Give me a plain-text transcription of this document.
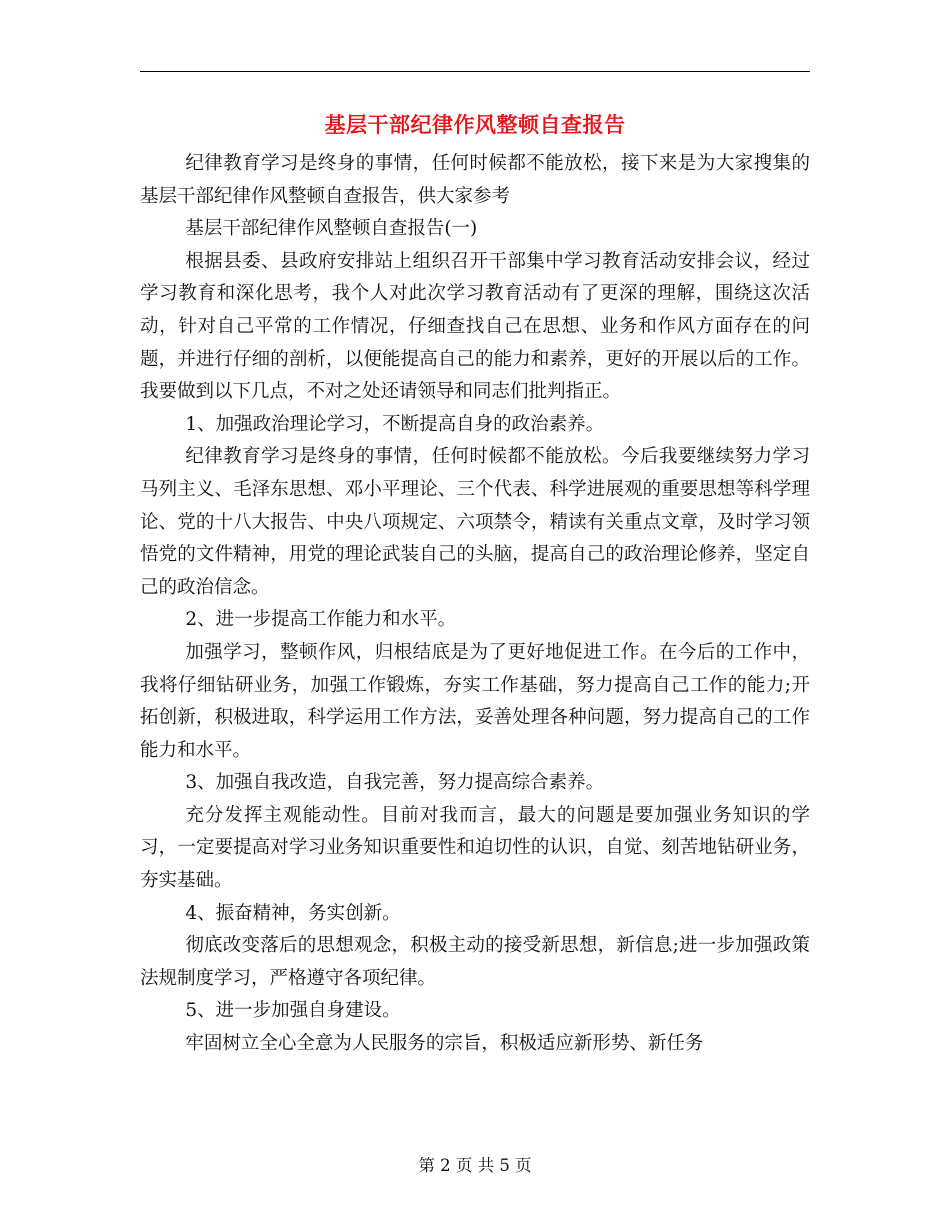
基层干部纪律作风整顿自查报告

纪律教育学习是终身的事情，任何时候都不能放松，接下来是为大家搜集的基层干部纪律作风整顿自查报告，供大家参考

基层干部纪律作风整顿自查报告(一)

根据县委、县政府安排站上组织召开干部集中学习教育活动安排会议，经过学习教育和深化思考，我个人对此次学习教育活动有了更深的理解，围绕这次活动，针对自己平常的工作情况，仔细查找自己在思想、业务和作风方面存在的问题，并进行仔细的剖析，以便能提高自己的能力和素养，更好的开展以后的工作。我要做到以下几点，不对之处还请领导和同志们批判指正。

1、加强政治理论学习，不断提高自身的政治素养。

纪律教育学习是终身的事情，任何时候都不能放松。今后我要继续努力学习马列主义、毛泽东思想、邓小平理论、三个代表、科学进展观的重要思想等科学理论、党的十八大报告、中央八项规定、六项禁令，精读有关重点文章，及时学习领悟党的文件精神，用党的理论武装自己的头脑，提高自己的政治理论修养，坚定自己的政治信念。

2、进一步提高工作能力和水平。

加强学习，整顿作风，归根结底是为了更好地促进工作。在今后的工作中，我将仔细钻研业务，加强工作锻炼，夯实工作基础，努力提高自己工作的能力;开拓创新，积极进取，科学运用工作方法，妥善处理各种问题，努力提高自己的工作能力和水平。

3、加强自我改造，自我完善，努力提高综合素养。

充分发挥主观能动性。目前对我而言，最大的问题是要加强业务知识的学习，一定要提高对学习业务知识重要性和迫切性的认识，自觉、刻苦地钻研业务，夯实基础。

4、振奋精神，务实创新。

彻底改变落后的思想观念，积极主动的接受新思想，新信息;进一步加强政策法规制度学习，严格遵守各项纪律。

5、进一步加强自身建设。

牢固树立全心全意为人民服务的宗旨，积极适应新形势、新任务

第 2 页 共 5 页
